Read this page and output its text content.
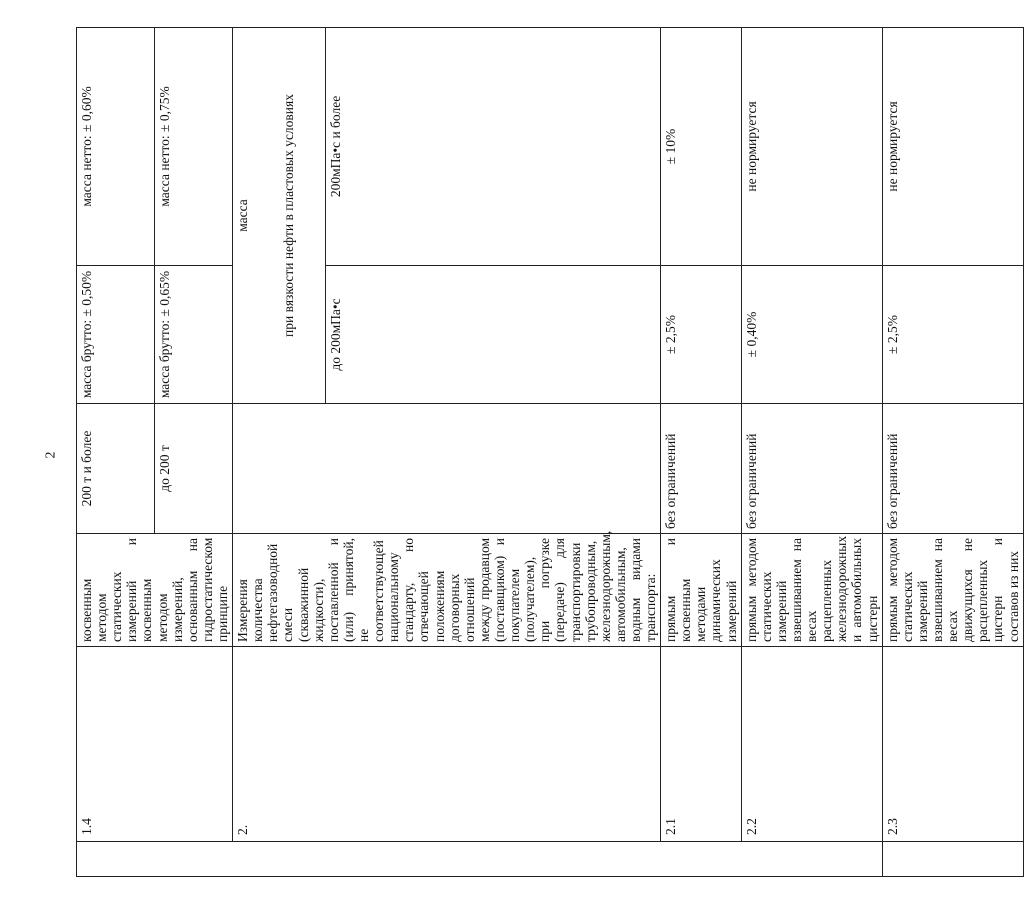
2
	1.4	косвенным методом статических измерений и косвенным методом измерений, основанным на гидростатическом принципе	200 т и более	масса брутто: ± 0,50%	масса нетто: ± 0,60%
			до 200 т	масса брутто: ± 0,65%	масса нетто: ± 0,75%
	2.	Измерения количества нефтегазоводной смеси (скважинной жидкости), поставленной и (или) принятой, не соответствующей национальному стандарту, но отвечающей положениям договорных отношений между продавцом (поставщиком) и покупателем (получателем), при погрузке (передаче) для транспортировки трубопроводным, железнодорожным, автомобильным, водным видами транспорта:		масса	
				при вязкости нефти в пластовых условиях	
				до 200мПа•с	200мПа•с и более
	2.1	прямым и косвенным методами динамических измерений	без ограничений	± 2,5%	± 10%
	2.2	прямым методом статических измерений взвешиванием на весах расцепленных железнодорожных и автомобильных цистерн	без ограничений	± 0,40%	не нормируется
	2.3	прямым методом статических измерений взвешиванием на весах движущихся не расцепленных цистерн и составов из них	без ограничений	± 2,5%	не нормируется
